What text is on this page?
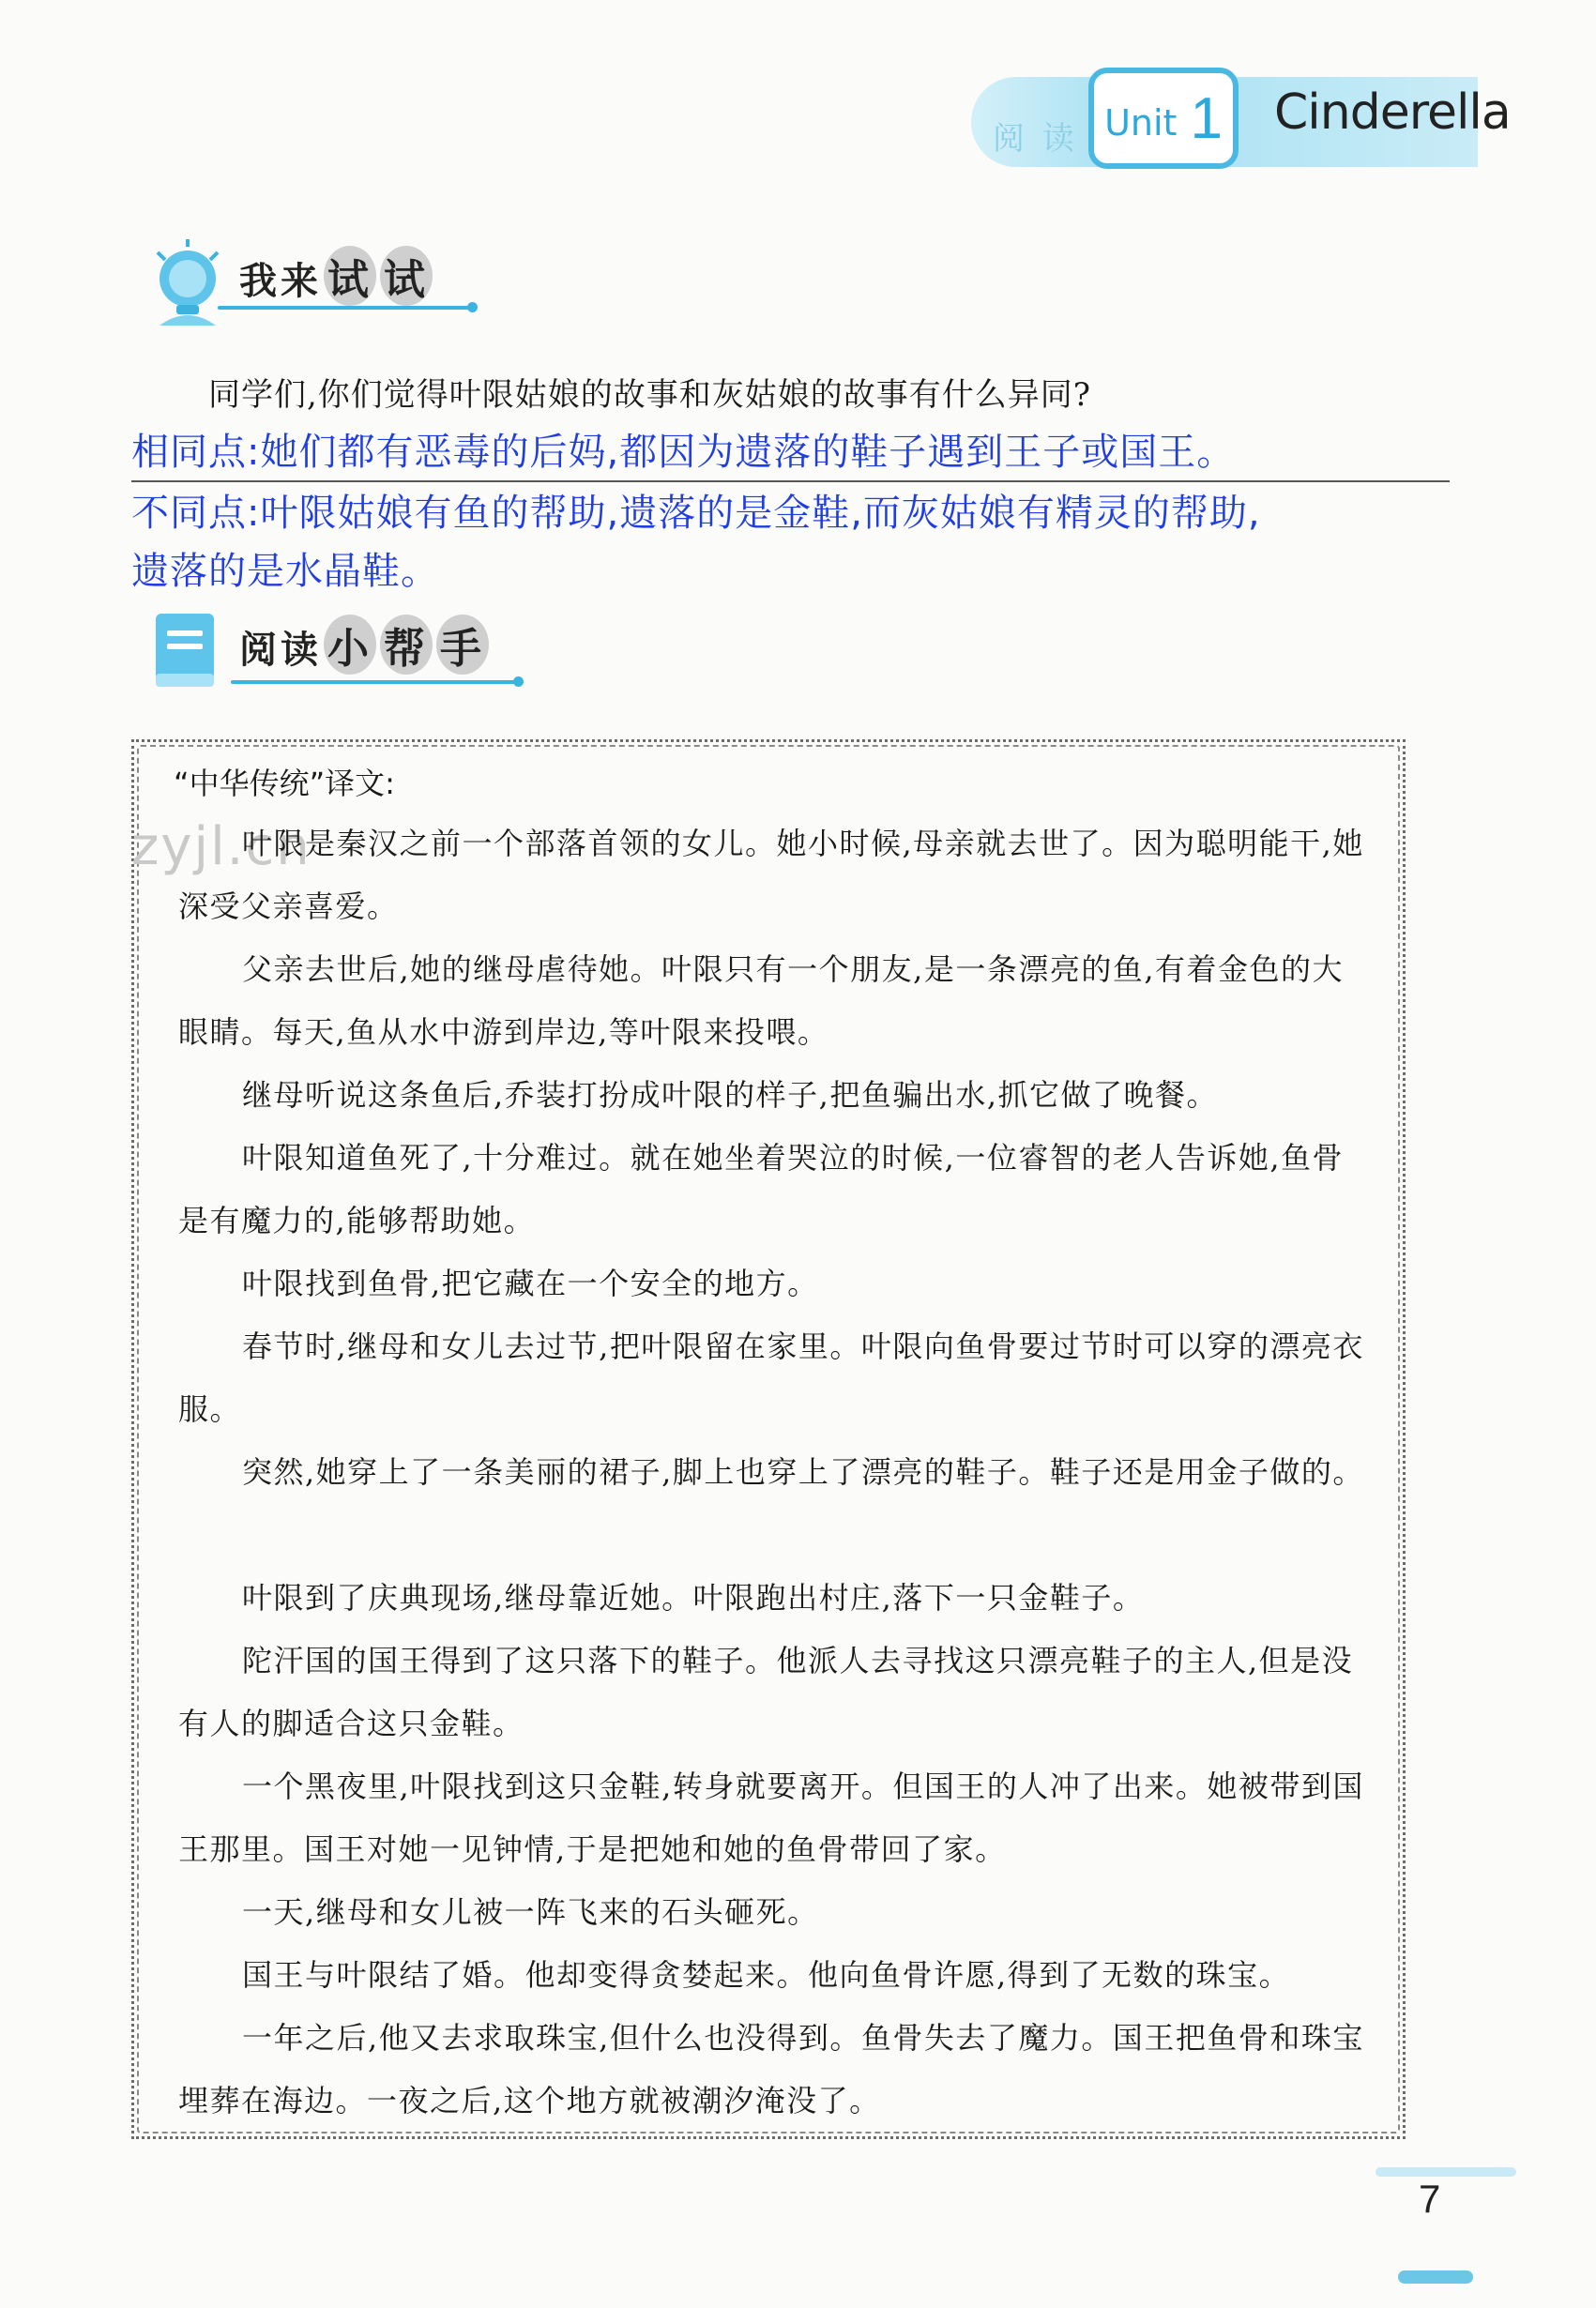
阅 读 Unit 1 Cinderella
我来 试 试
同学们,你们觉得叶限姑娘的故事和灰姑娘的故事有什么异同?
相同点:她们都有恶毒的后妈,都因为遗落的鞋子遇到王子或国王。
不同点:叶限姑娘有鱼的帮助,遗落的是金鞋,而灰姑娘有精灵的帮助,
遗落的是水晶鞋。
阅读 小 帮 手
zyjl.cn
“中华传统”译文:
叶限是秦汉之前一个部落首领的女儿。她小时候,母亲就去世了。因为聪明能干,她深受父亲喜爱。
父亲去世后,她的继母虐待她。叶限只有一个朋友,是一条漂亮的鱼,有着金色的大眼睛。每天,鱼从水中游到岸边,等叶限来投喂。
继母听说这条鱼后,乔装打扮成叶限的样子,把鱼骗出水,抓它做了晚餐。
叶限知道鱼死了,十分难过。就在她坐着哭泣的时候,一位睿智的老人告诉她,鱼骨是有魔力的,能够帮助她。
叶限找到鱼骨,把它藏在一个安全的地方。
春节时,继母和女儿去过节,把叶限留在家里。叶限向鱼骨要过节时可以穿的漂亮衣服。
突然,她穿上了一条美丽的裙子,脚上也穿上了漂亮的鞋子。鞋子还是用金子做的。
叶限到了庆典现场,继母靠近她。叶限跑出村庄,落下一只金鞋子。
陀汗国的国王得到了这只落下的鞋子。他派人去寻找这只漂亮鞋子的主人,但是没有人的脚适合这只金鞋。
一个黑夜里,叶限找到这只金鞋,转身就要离开。但国王的人冲了出来。她被带到国王那里。国王对她一见钟情,于是把她和她的鱼骨带回了家。
一天,继母和女儿被一阵飞来的石头砸死。
国王与叶限结了婚。他却变得贪婪起来。他向鱼骨许愿,得到了无数的珠宝。
一年之后,他又去求取珠宝,但什么也没得到。鱼骨失去了魔力。国王把鱼骨和珠宝埋葬在海边。一夜之后,这个地方就被潮汐淹没了。
7
